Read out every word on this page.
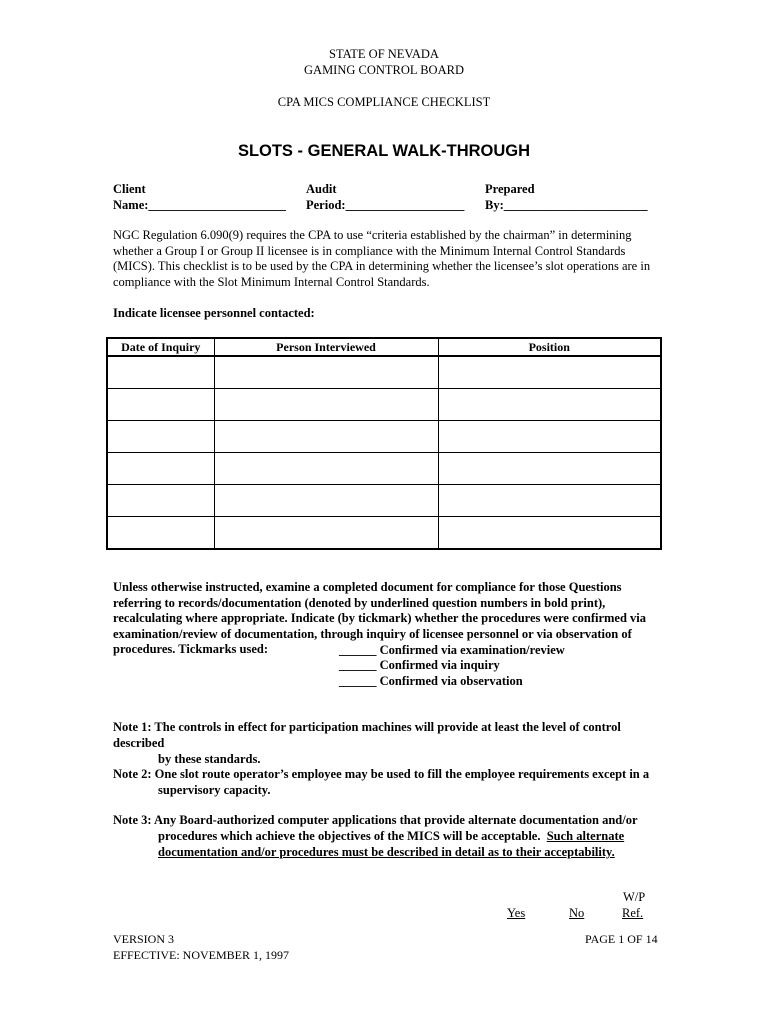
STATE OF NEVADA
GAMING CONTROL BOARD
CPA MICS COMPLIANCE CHECKLIST
SLOTS - GENERAL WALK-THROUGH
Client
Name:______________________
Audit
Period:___________________
Prepared
By:_______________________
NGC Regulation 6.090(9) requires the CPA to use “criteria established by the chairman” in determining whether a Group I or Group II licensee is in compliance with the Minimum Internal Control Standards (MICS). This checklist is to be used by the CPA in determining whether the licensee’s slot operations are in compliance with the Slot Minimum Internal Control Standards.
Indicate licensee personnel contacted:
Date of Inquiry	Person Interviewed	Position

Unless otherwise instructed, examine a completed document for compliance for those Questions referring to records/documentation (denoted by underlined question numbers in bold print), recalculating where appropriate. Indicate (by tickmark) whether the procedures were confirmed via examination/review of documentation, through inquiry of licensee personnel or via observation of procedures. Tickmarks used:	______ Confirmed via examination/review
______ Confirmed via inquiry
______ Confirmed via observation
Note 1: The controls in effect for participation machines will provide at least the level of control described
by these standards.
Note 2: One slot route operator’s employee may be used to fill the employee requirements except in a
supervisory capacity.
Note 3: Any Board-authorized computer applications that provide alternate documentation and/or
procedures which achieve the objectives of the MICS will be acceptable.  Such alternate
documentation and/or procedures must be described in detail as to their acceptability.
W/P
Yes	No	Ref.
VERSION 3
EFFECTIVE: NOVEMBER 1, 1997
PAGE 1 OF 14
